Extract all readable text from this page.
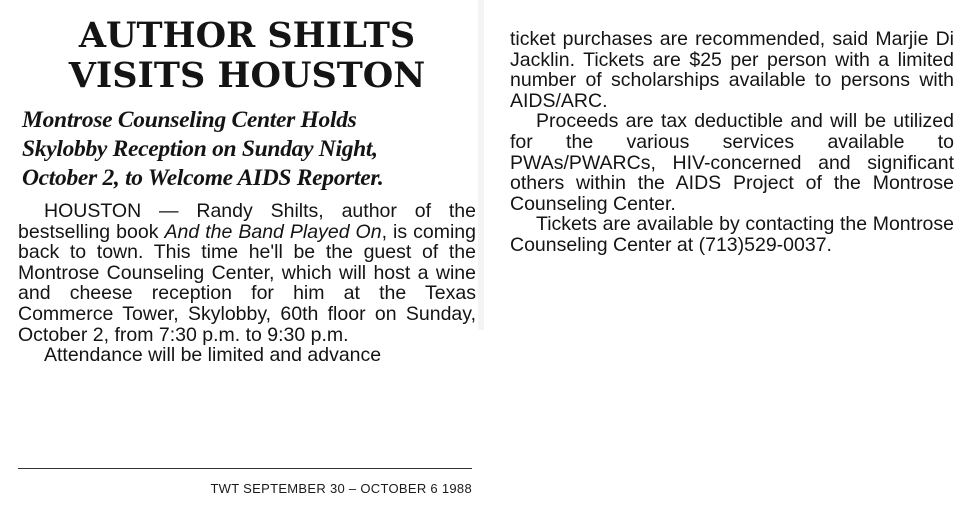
AUTHOR SHILTS
VISITS HOUSTON
Montrose Counseling Center Holds
Skylobby Reception on Sunday Night,
October 2, to Welcome AIDS Reporter.

HOUSTON — Randy Shilts, author of the bestselling book And the Band Played On, is coming back to town. This time he'll be the guest of the Montrose Counseling Center, which will host a wine and cheese reception for him at the Texas Commerce Tower, Skylobby, 60th floor on Sunday, October 2, from 7:30 p.m. to 9:30 p.m.

Attendance will be limited and advance

TWT SEPTEMBER 30 – OCTOBER 6 1988

ticket purchases are recommended, said Marjie Di Jacklin. Tickets are $25 per person with a limited number of scholarships available to persons with AIDS/ARC.

Proceeds are tax deductible and will be utilized for the various services available to PWAs/PWARCs, HIV-concerned and significant others within the AIDS Project of the Montrose Counseling Center.

Tickets are available by contacting the Montrose Counseling Center at (713)529-0037.
